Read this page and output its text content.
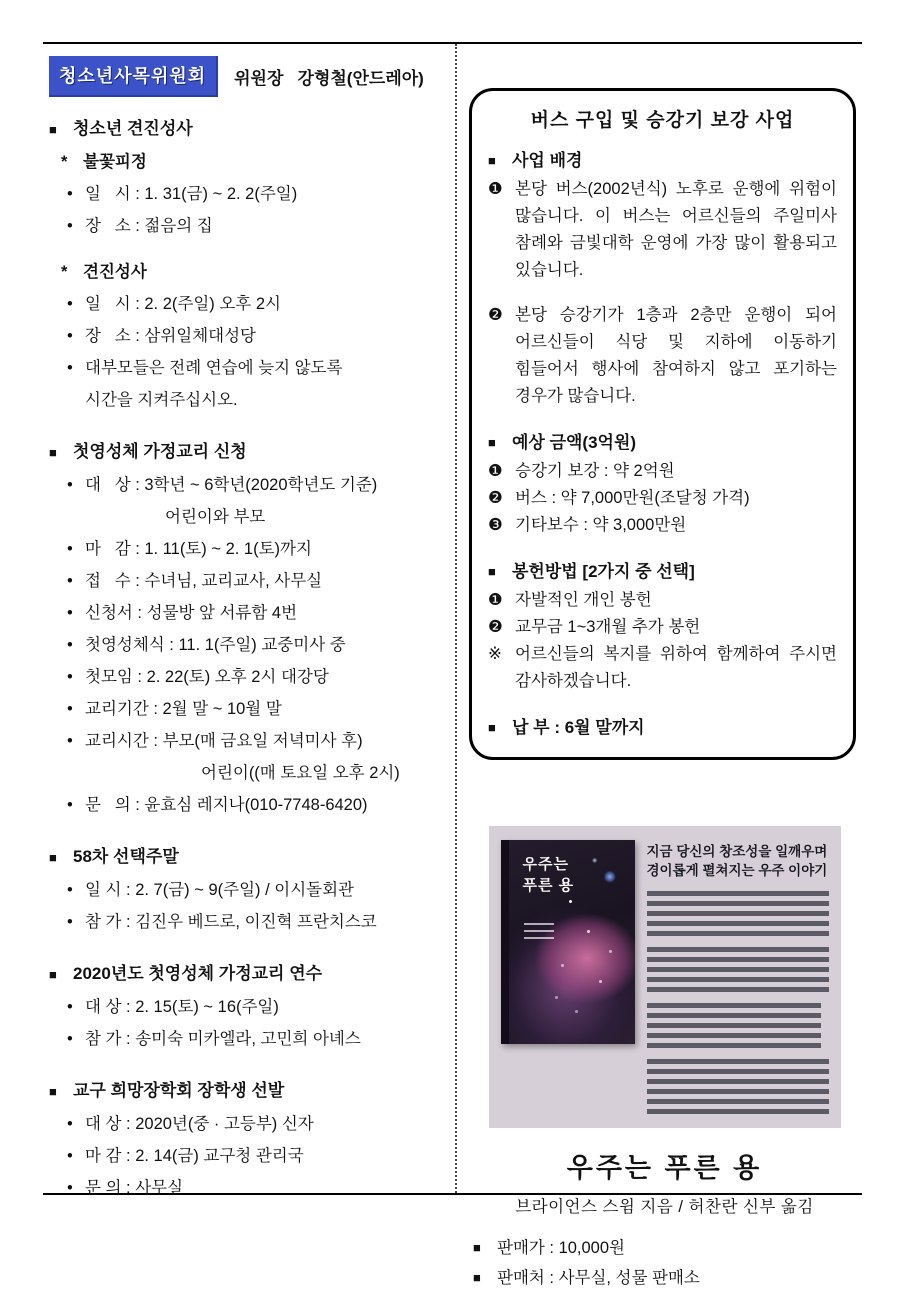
청소년사목위원회	위원장   강형철(안드레아)
■ 청소년 견진성사
* 불꽃피정
• 일   시 : 1. 31(금) ~ 2. 2(주일)
• 장   소 : 젊음의 집
* 견진성사
• 일   시 : 2. 2(주일) 오후 2시
• 장   소 : 삼위일체대성당
• 대부모들은 전례 연습에 늦지 않도록
시간을 지켜주십시오.
■ 첫영성체 가정교리 신청
• 대   상 : 3학년 ~ 6학년(2020학년도 기준)
어린이와 부모
• 마   감 : 1. 11(토) ~ 2. 1(토)까지
• 접   수 : 수녀님, 교리교사, 사무실
• 신청서 : 성물방 앞 서류함 4번
• 첫영성체식 : 11. 1(주일) 교중미사 중
• 첫모임 : 2. 22(토) 오후 2시 대강당
• 교리기간 : 2월 말 ~ 10월 말
• 교리시간 : 부모(매 금요일 저녁미사 후)
어린이((매 토요일 오후 2시)
• 문   의 : 윤효심 레지나(010-7748-6420)
■ 58차 선택주말
• 일 시 : 2. 7(금) ~ 9(주일) / 이시돌회관
• 참 가 : 김진우 베드로, 이진혁 프란치스코
■ 2020년도 첫영성체 가정교리 연수
• 대 상 : 2. 15(토) ~ 16(주일)
• 참 가 : 송미숙 미카엘라, 고민희 아녜스
■ 교구 희망장학회 장학생 선발
• 대 상 : 2020년(중 · 고등부) 신자
• 마 감 : 2. 14(금) 교구청 관리국
• 문 의 : 사무실
버스 구입 및 승강기 보강 사업
■ 사업 배경
❶ 본당 버스(2002년식) 노후로 운행에 위험이 많습니다. 이 버스는 어르신들의 주일미사 참례와 금빛대학 운영에 가장 많이 활용되고 있습니다.
❷ 본당 승강기가 1층과 2층만 운행이 되어 어르신들이 식당 및 지하에 이동하기 힘들어서 행사에 참여하지 않고 포기하는 경우가 많습니다.
■ 예상 금액(3억원)
❶ 승강기 보강 : 약 2억원
❷ 버스 : 약 7,000만원(조달청 가격)
❸ 기타보수 : 약 3,000만원
■ 봉헌방법 [2가지 중 선택]
❶ 자발적인 개인 봉헌
❷ 교무금 1~3개월 추가 봉헌
※ 어르신들의 복지를 위하여 함께하여 주시면 감사하겠습니다.
■ 납 부 : 6월 말까지
우주는
푸른 용
지금 당신의 창조성을 일깨우며
경이롭게 펼쳐지는 우주 이야기
우주는 푸른 용
브라이언스 스윔 지음 / 허찬란 신부 옮김
■ 판매가 : 10,000원
■ 판매처 : 사무실, 성물 판매소
